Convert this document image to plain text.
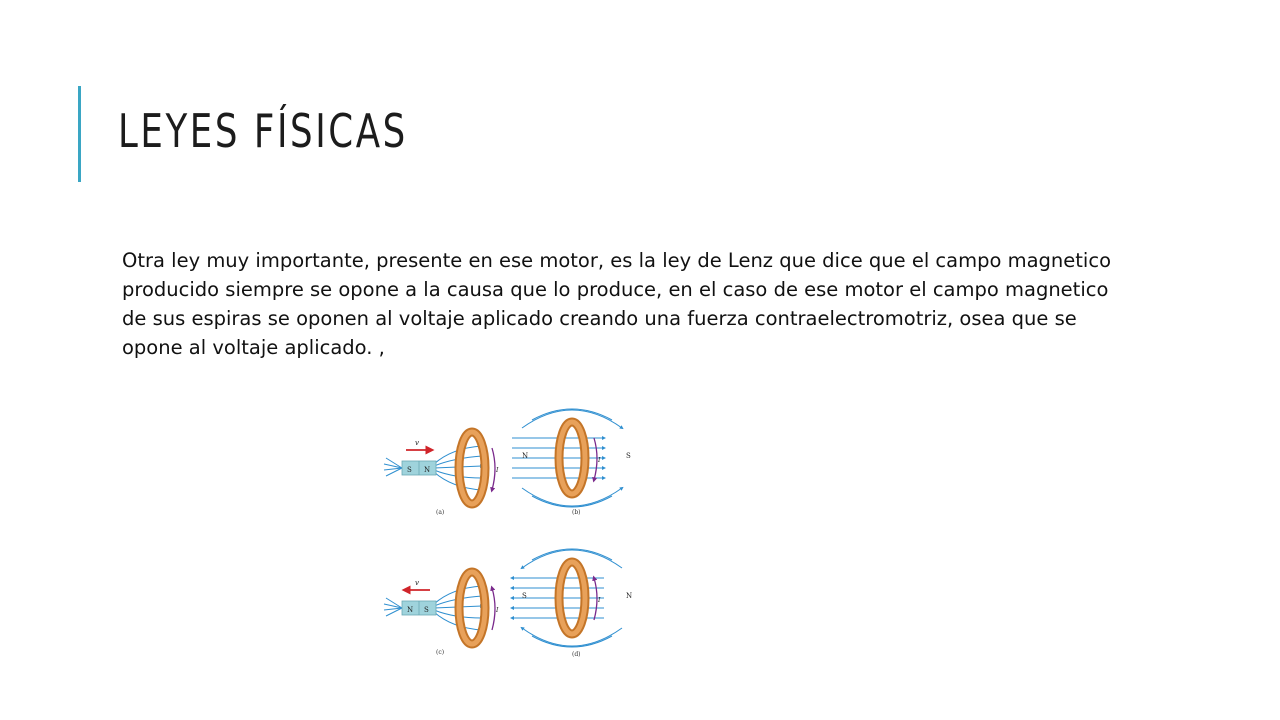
LEYES FÍSICAS

Otra ley muy importante, presente en ese motor, es la ley de Lenz que dice que el campo magnetico producido siempre se opone a la causa que lo produce, en el caso de ese motor el campo magnetico de sus espiras se oponen al voltaje aplicado creando una fuerza contraelectromotriz, osea que se opone al voltaje aplicado. ,

S N
v
I
(a)
N	S
I
(b)
N S
v
I
(c)
S	N
I
(d)
